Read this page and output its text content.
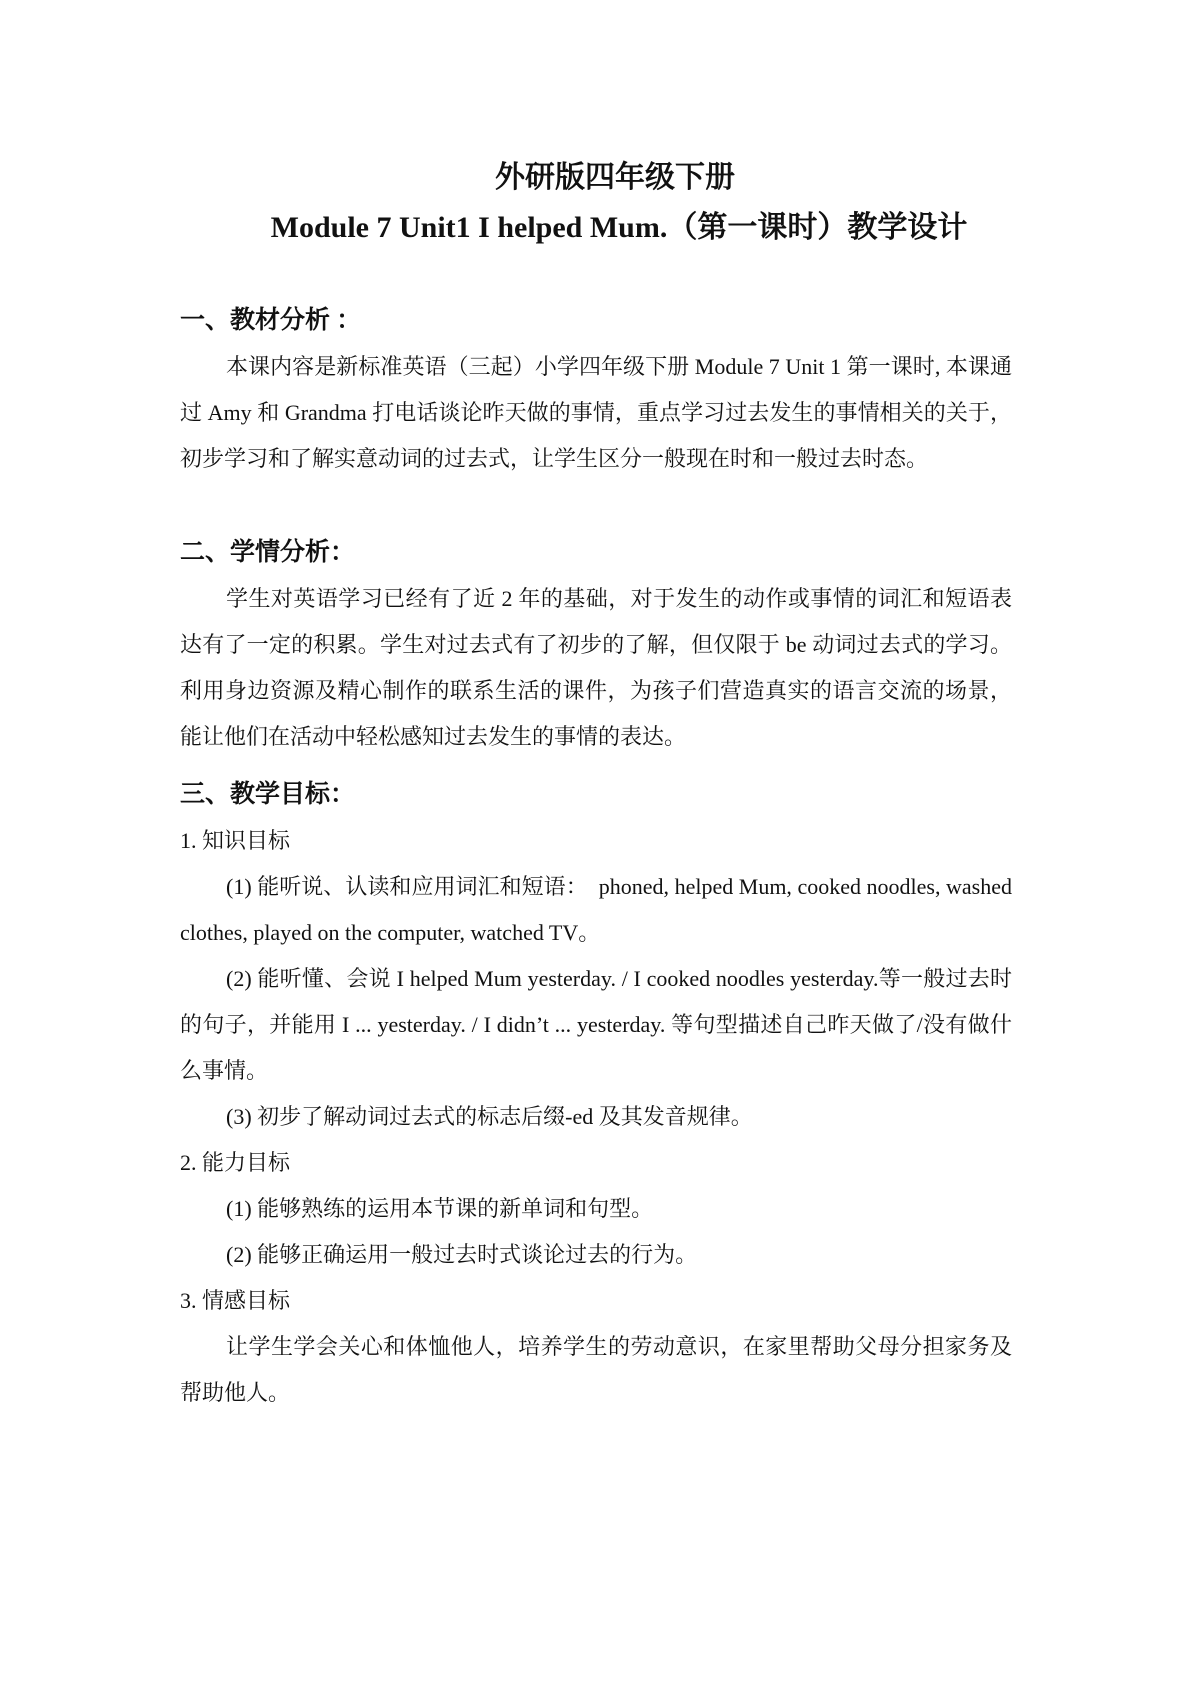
外研版四年级下册
Module 7 Unit1 I helped Mum.（第一课时）教学设计
一、教材分析 ：

本课内容是新标准英语（三起）小学四年级下册 Module 7 Unit 1 第一课时, 本课通过 Amy 和 Grandma 打电话谈论昨天做的事情，重点学习过去发生的事情相关的关于，初步学习和了解实意动词的过去式，让学生区分一般现在时和一般过去时态。

二、学情分析：

学生对英语学习已经有了近 2 年的基础，对于发生的动作或事情的词汇和短语表达有了一定的积累。学生对过去式有了初步的了解，但仅限于 be 动词过去式的学习。利用身边资源及精心制作的联系生活的课件，为孩子们营造真实的语言交流的场景，能让他们在活动中轻松感知过去发生的事情的表达。

三、教学目标：

1. 知识目标

(1) 能听说、认读和应用词汇和短语：　phoned, helped Mum, cooked noodles, washed clothes, played on the computer, watched TV。

(2) 能听懂、会说 I helped Mum yesterday. / I cooked noodles yesterday.等一般过去时的句子，并能用 I ... yesterday. / I didn’t ... yesterday. 等句型描述自己昨天做了/没有做什么事情。

(3) 初步了解动词过去式的标志后缀-ed 及其发音规律。

2. 能力目标

(1) 能够熟练的运用本节课的新单词和句型。

(2) 能够正确运用一般过去时式谈论过去的行为。

3. 情感目标

让学生学会关心和体恤他人，培养学生的劳动意识，在家里帮助父母分担家务及帮助他人。
